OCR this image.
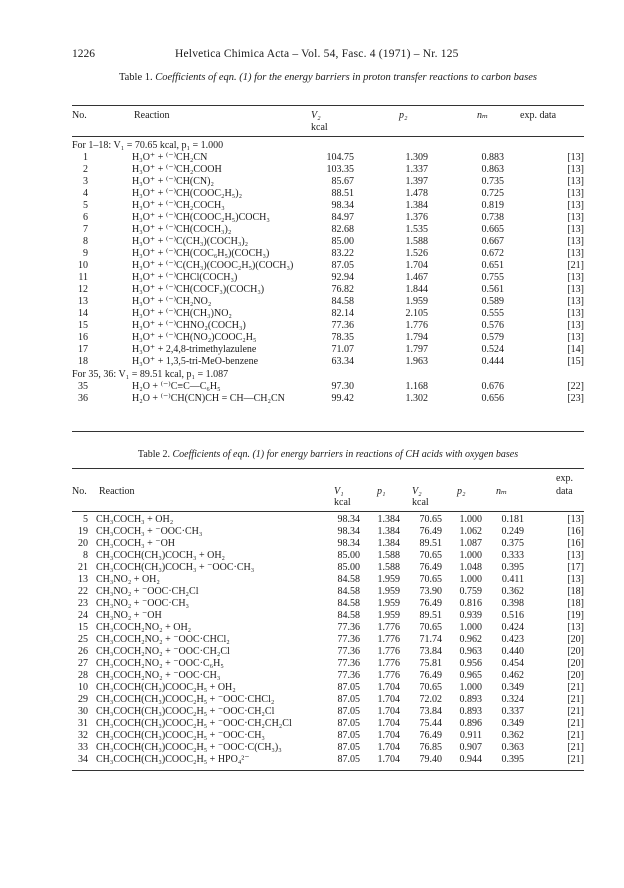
1226	Helvetica Chimica Acta – Vol. 54, Fasc. 4 (1971) – Nr. 125
Table 1. Coefficients of eqn. (1) for the energy barriers in proton transfer reactions to carbon bases
No.	Reaction	V₂
kcal
p₂	nₘ	exp. data
For 1–18: V₁ = 70.65 kcal, p₁ = 1.000
1	H₃O⁺ + ⁽⁻⁾CH₂CN	104.75	1.309	0.883	[13]
2	H₃O⁺ + ⁽⁻⁾CH₂COOH	103.35	1.337	0.863	[13]
3	H₃O⁺ + ⁽⁻⁾CH(CN)₂	85.67	1.397	0.735	[13]
4	H₃O⁺ + ⁽⁻⁾CH(COOC₂H₅)₂	88.51	1.478	0.725	[13]
5	H₃O⁺ + ⁽⁻⁾CH₂COCH₃	98.34	1.384	0.819	[13]
6	H₃O⁺ + ⁽⁻⁾CH(COOC₂H₅)COCH₃	84.97	1.376	0.738	[13]
7	H₃O⁺ + ⁽⁻⁾CH(COCH₃)₂	82.68	1.535	0.665	[13]
8	H₃O⁺ + ⁽⁻⁾C(CH₃)(COCH₃)₂	85.00	1.588	0.667	[13]
9	H₃O⁺ + ⁽⁻⁾CH(COC₆H₅)(COCH₃)	83.22	1.526	0.672	[13]
10	H₃O⁺ + ⁽⁻⁾C(CH₃)(COOC₂H₅)(COCH₃)	87.05	1.704	0.651	[21]
11	H₃O⁺ + ⁽⁻⁾CHCl(COCH₃)	92.94	1.467	0.755	[13]
12	H₃O⁺ + ⁽⁻⁾CH(COCF₃)(COCH₃)	76.82	1.844	0.561	[13]
13	H₃O⁺ + ⁽⁻⁾CH₂NO₂	84.58	1.959	0.589	[13]
14	H₃O⁺ + ⁽⁻⁾CH(CH₃)NO₂	82.14	2.105	0.555	[13]
15	H₃O⁺ + ⁽⁻⁾CHNO₂(COCH₃)	77.36	1.776	0.576	[13]
16	H₃O⁺ + ⁽⁻⁾CH(NO₂)COOC₂H₅	78.35	1.794	0.579	[13]
17	H₃O⁺ + 2,4,8-trimethylazulene	71.07	1.797	0.524	[14]
18	H₃O⁺ + 1,3,5-tri-MeO-benzene	63.34	1.963	0.444	[15]
For 35, 36: V₁ = 89.51 kcal, p₁ = 1.087
35	H₂O + ⁽⁻⁾C≡C—C₆H₅	97.30	1.168	0.676	[22]
36	H₂O + ⁽⁻⁾CH(CN)CH = CH—CH₂CN	99.42	1.302	0.656	[23]
Table 2. Coefficients of eqn. (1) for energy barriers in reactions of CH acids with oxygen bases
No. Reaction	V₁
kcal
p₁	V₂
kcal
p₂	nₘ
exp.
data
5 CH₃COCH₃ + OH₂	98.34	1.384	70.65	1.000	0.181	[13]
19 CH₃COCH₃ + ⁻OOC·CH₃	98.34	1.384	76.49	1.062	0.249	[16]
20 CH₃COCH₃ + ⁻OH	98.34	1.384	89.51	1.087	0.375	[16]
8 CH₃COCH(CH₃)COCH₃ + OH₂	85.00	1.588	70.65	1.000	0.333	[13]
21 CH₃COCH(CH₃)COCH₃ + ⁻OOC·CH₃	85.00	1.588	76.49	1.048	0.395	[17]
13 CH₃NO₂ + OH₂	84.58	1.959	70.65	1.000	0.411	[13]
22 CH₃NO₂ + ⁻OOC·CH₂Cl	84.58	1.959	73.90	0.759	0.362	[18]
23 CH₃NO₂ + ⁻OOC·CH₃	84.58	1.959	76.49	0.816	0.398	[18]
24 CH₃NO₂ + ⁻OH	84.58	1.959	89.51	0.939	0.516	[19]
15 CH₃COCH₂NO₂ + OH₂	77.36	1.776	70.65	1.000	0.424	[13]
25 CH₃COCH₂NO₂ + ⁻OOC·CHCl₂	77.36	1.776	71.74	0.962	0.423	[20]
26 CH₃COCH₂NO₂ + ⁻OOC·CH₂Cl	77.36	1.776	73.84	0.963	0.440	[20]
27 CH₃COCH₂NO₂ + ⁻OOC·C₆H₅	77.36	1.776	75.81	0.956	0.454	[20]
28 CH₃COCH₂NO₂ + ⁻OOC·CH₃	77.36	1.776	76.49	0.965	0.462	[20]
10 CH₃COCH(CH₃)COOC₂H₅ + OH₂	87.05	1.704	70.65	1.000	0.349	[21]
29 CH₃COCH(CH₃)COOC₂H₅ + ⁻OOC·CHCl₂	87.05	1.704	72.02	0.893	0.324	[21]
30 CH₃COCH(CH₃)COOC₂H₅ + ⁻OOC·CH₂Cl	87.05	1.704	73.84	0.893	0.337	[21]
31 CH₃COCH(CH₃)COOC₂H₅ + ⁻OOC·CH₂CH₂Cl	87.05	1.704	75.44	0.896	0.349	[21]
32 CH₃COCH(CH₃)COOC₂H₅ + ⁻OOC·CH₃	87.05	1.704	76.49	0.911	0.362	[21]
33 CH₃COCH(CH₃)COOC₂H₅ + ⁻OOC·C(CH₃)₃	87.05	1.704	76.85	0.907	0.363	[21]
34 CH₃COCH(CH₃)COOC₂H₅ + HPO₄²⁻	87.05	1.704	79.40	0.944	0.395	[21]
